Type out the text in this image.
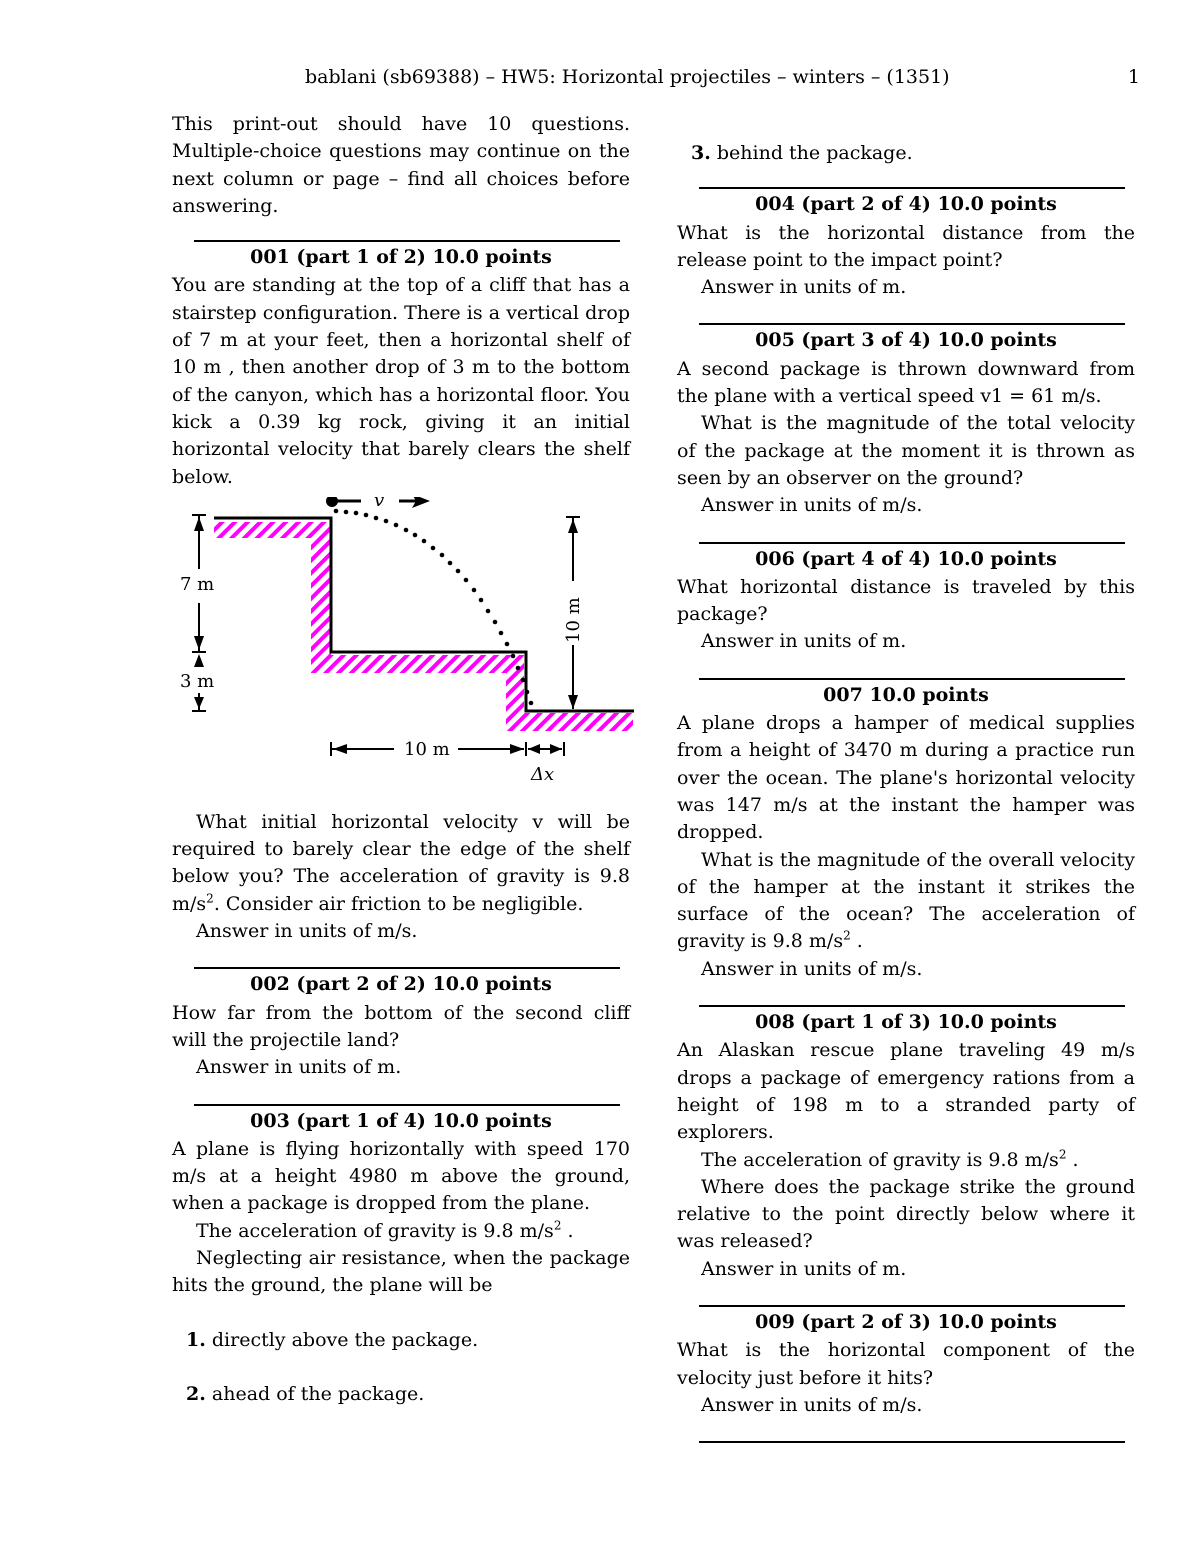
bablani (sb69388) – HW5: Horizontal projectiles – winters – (1351)	1

This print-out should have 10 questions. Multiple-choice questions may continue on the next column or page – find all choices before answering.

001 (part 1 of 2) 10.0 points

You are standing at the top of a cliff that has a stairstep configuration. There is a vertical drop of 7 m at your feet, then a horizontal shelf of 10 m , then another drop of 3 m to the bottom of the canyon, which has a horizontal floor. You kick a 0.39 kg rock, giving it an initial horizontal velocity that barely clears the shelf below.

v
7 m
3 m
10 m
10 m
Δx

What initial horizontal velocity v will be required to barely clear the edge of the shelf below you? The acceleration of gravity is 9.8 $m/s^2$. Consider air friction to be negligible.

Answer in units of m/s.

002 (part 2 of 2) 10.0 points

How far from the bottom of the second cliff will the projectile land?

Answer in units of m.

003 (part 1 of 4) 10.0 points

A plane is flying horizontally with speed 170 m/s at a height 4980 m above the ground, when a package is dropped from the plane.

The acceleration of gravity is 9.8 $m/s^2$ .

Neglecting air resistance, when the package hits the ground, the plane will be

1. directly above the package.

2. ahead of the package.

3. behind the package.

004 (part 2 of 4) 10.0 points

What is the horizontal distance from the release point to the impact point?

Answer in units of m.

005 (part 3 of 4) 10.0 points

A second package is thrown downward from the plane with a vertical speed v1 = 61 m/s.

What is the magnitude of the total velocity of the package at the moment it is thrown as seen by an observer on the ground?

Answer in units of m/s.

006 (part 4 of 4) 10.0 points

What horizontal distance is traveled by this package?

Answer in units of m.

007 10.0 points

A plane drops a hamper of medical supplies from a height of 3470 m during a practice run over the ocean. The plane's horizontal velocity was 147 m/s at the instant the hamper was dropped.

What is the magnitude of the overall velocity of the hamper at the instant it strikes the surface of the ocean? The acceleration of gravity is 9.8 $m/s^2$ .

Answer in units of m/s.

008 (part 1 of 3) 10.0 points

An Alaskan rescue plane traveling 49 m/s drops a package of emergency rations from a height of 198 m to a stranded party of explorers.

The acceleration of gravity is 9.8 $m/s^2$ .

Where does the package strike the ground relative to the point directly below where it was released?

Answer in units of m.

009 (part 2 of 3) 10.0 points

What is the horizontal component of the velocity just before it hits?

Answer in units of m/s.
